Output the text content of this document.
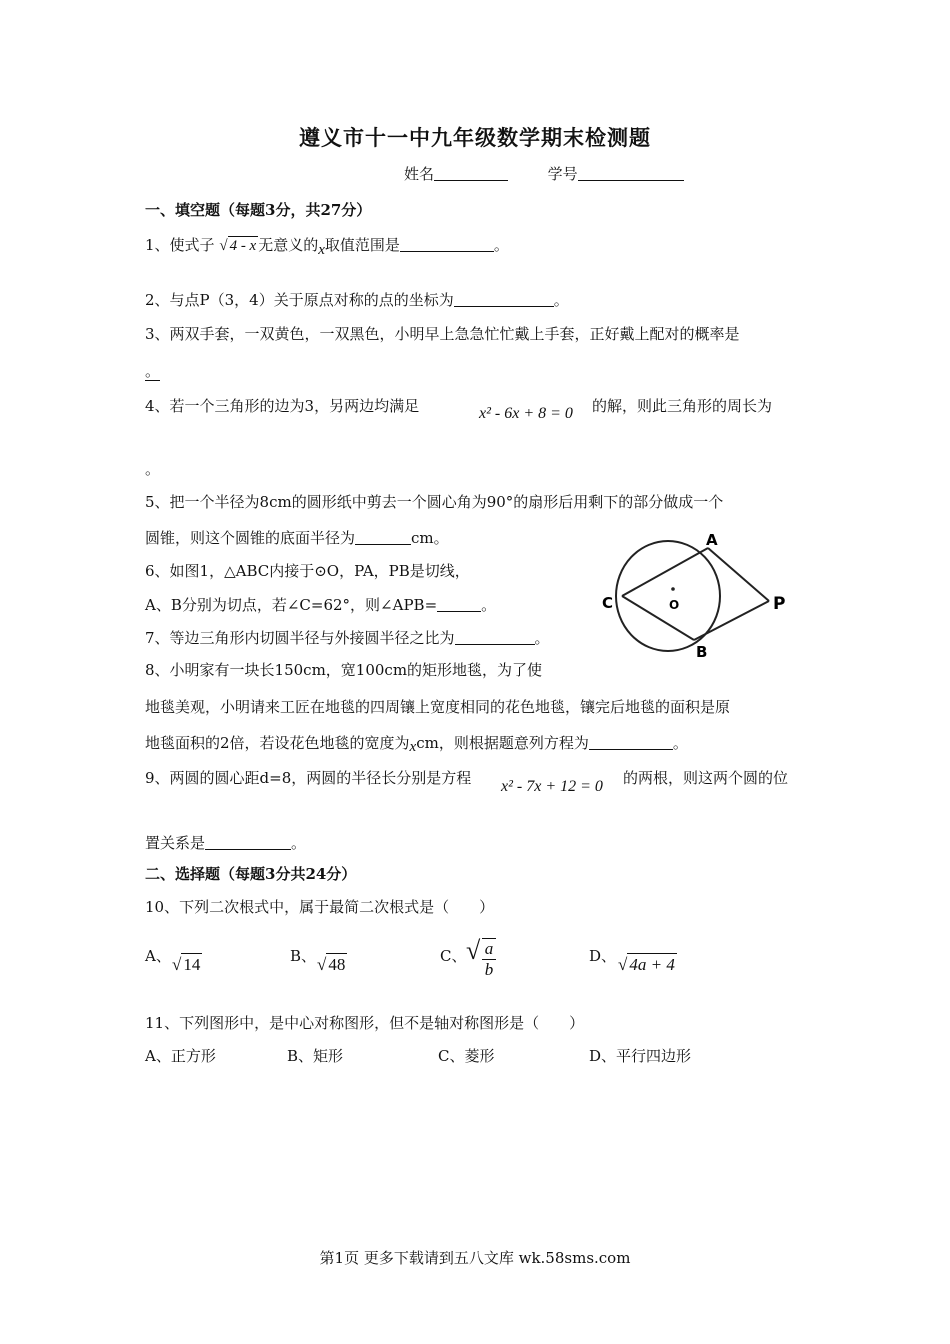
遵义市十一中九年级数学期末检测题
姓名	学号
一、填空题（每题3分，共27分）
1、使式子 √ 4 - x 无意义的x取值范围是	。
2、与点P（3，4）关于原点对称的点的坐标为	。
3、两双手套，一双黄色，一双黑色，小明早上急急忙忙戴上手套，正好戴上配对的概率是
。
4、若一个三角形的边为3，另两边均满足	x² - 6x + 8 = 0 的解，则此三角形的周长为
。
5、把一个半径为8cm的圆形纸中剪去一个圆心角为90°的扇形后用剩下的部分做成一个
圆锥，则这个圆锥的底面半径为	cm。
6、如图1，△ABC内接于⊙O，PA，PB是切线，
A、B分别为切点，若∠C=62°，则∠APB=	。
A
B
C	O	P
7、等边三角形内切圆半径与外接圆半径之比为	。
8、小明家有一块长150cm，宽100cm的矩形地毯，为了使
地毯美观，小明请来工匠在地毯的四周镶上宽度相同的花色地毯，镶完后地毯的面积是原
地毯面积的2倍，若设花色地毯的宽度为xcm，则根据题意列方程为	。
9、两圆的圆心距d=8，两圆的半径长分别是方程 x² - 7x + 12 = 0 的两根，则这两个圆的位
置关系是	。
二、选择题（每题3分共24分）
10、下列二次根式中，属于最简二次根式是（　　）
A、 √ 14	B、 √ 48	C、 √ a
b
D、 √ 4a + 4
11、下列图形中，是中心对称图形，但不是轴对称图形是（　　）
A、正方形	B、矩形	C、菱形	D、平行四边形
第1页 更多下载请到五八文库 wk.58sms.com
